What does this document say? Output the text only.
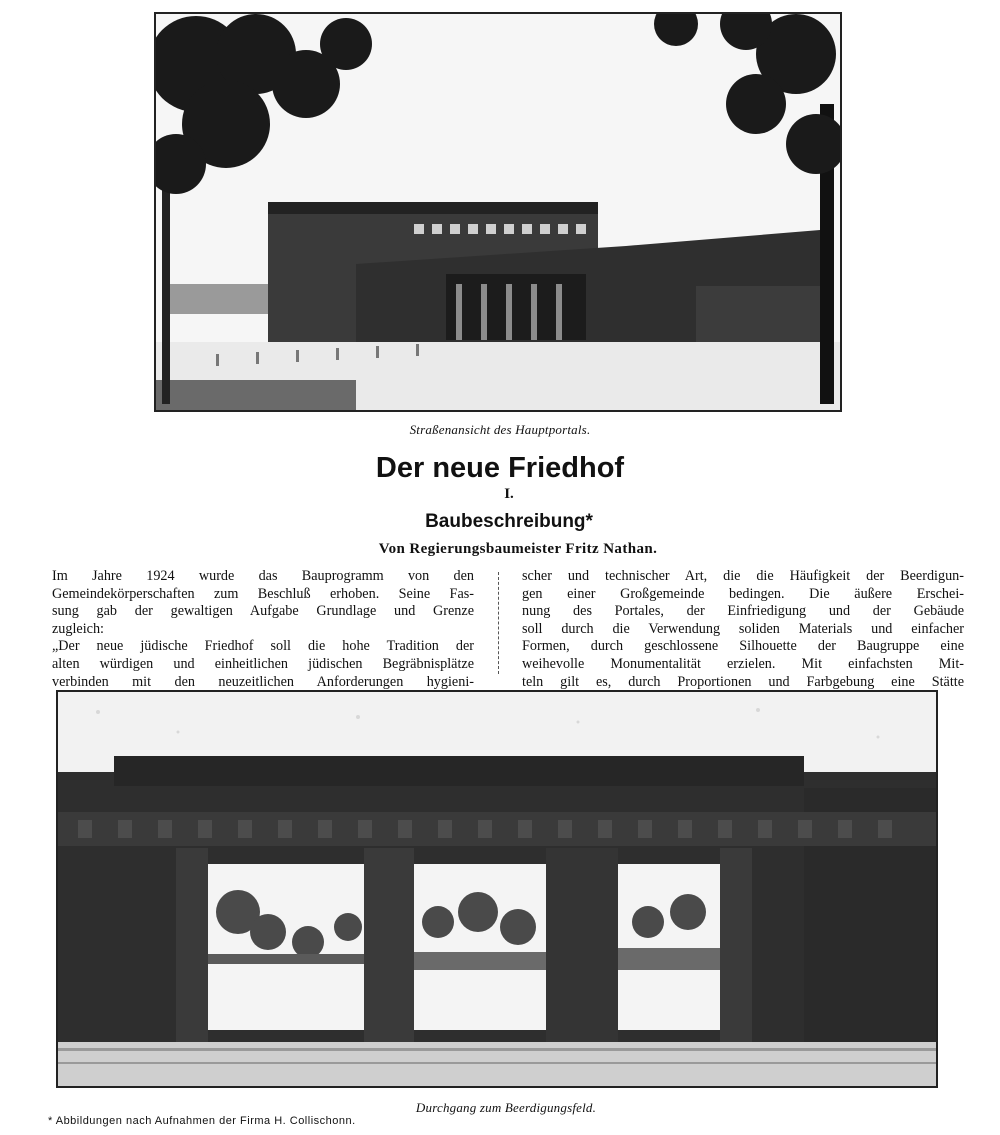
Straßenansicht des Hauptportals.
Der neue Friedhof
I.
Baubeschreibung*
Von Regierungsbaumeister Fritz Nathan.
Im Jahre 1924 wurde das Bauprogramm von den
Gemeindekörperschaften zum Beschluß erhoben. Seine Fas-
sung gab der gewaltigen Aufgabe Grundlage und Grenze
zugleich:
„Der neue jüdische Friedhof soll die hohe Tradition der
alten würdigen und einheitlichen jüdischen Begräbnisplätze
verbinden mit den neuzeitlichen Anforderungen hygieni-
scher und technischer Art, die die Häufigkeit der Beerdigun-
gen einer Großgemeinde bedingen. Die äußere Erschei-
nung des Portales, der Einfriedigung und der Gebäude
soll durch die Verwendung soliden Materials und einfacher
Formen, durch geschlossene Silhouette der Baugruppe eine
weihevolle Monumentalität erzielen. Mit einfachsten Mit-
teln gilt es, durch Proportionen und Farbgebung eine Stätte
Durchgang zum Beerdigungsfeld.
* Abbildungen nach Aufnahmen der Firma H. Collischonn.
